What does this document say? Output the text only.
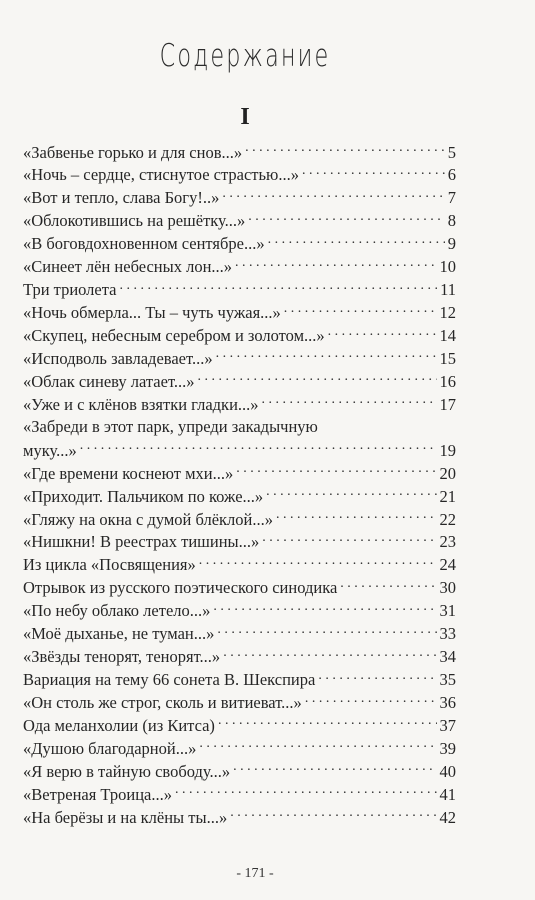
Содержание
I
«Забвенье горько и для снов...» . . .	5
«Ночь – сердце, стиснутое страстью...» . . .	6
«Вот и тепло, слава Богу!..» . . .	7
«Облокотившись на решётку...» . . .	8
«В боговдохновенном сентябре...» . . .	9
«Синеет лён небесных лон...» . . .	10
Три триолета . . .	11
«Ночь обмерла... Ты – чуть чужая...» . . .	12
«Скупец, небесным серебром и золотом...» . . .	14
«Исподволь завладевает...» . . .	15
«Облак синеву латает...» . . .	16
«Уже и с клёнов взятки гладки...» . . .	17
«Забреди в этот парк, упреди закадычную
муку...» . . .	19
«Где времени коснеют мхи...» . . .	20
«Приходит. Пальчиком по коже...» . . .	21
«Гляжу на окна с думой блёклой...» . . .	22
«Нишкни! В реестрах тишины...» . . .	23
Из цикла «Посвящения» . . .	24
Отрывок из русского поэтического синодика . . .	30
«По небу облако летело...» . . .	31
«Моё дыханье, не туман...» . . .	33
«Звёзды тенорят, тенорят...» . . .	34
Вариация на тему 66 сонета В. Шекспира . . .	35
«Он столь же строг, сколь и витиеват...» . . .	36
Ода меланхолии (из Китса) . . .	37
«Душою благодарной...» . . .	39
«Я верю в тайную свободу...» . . .	40
«Ветреная Троица...» . . .	41
«На берёзы и на клёны ты...» . . .	42
- 171 -
